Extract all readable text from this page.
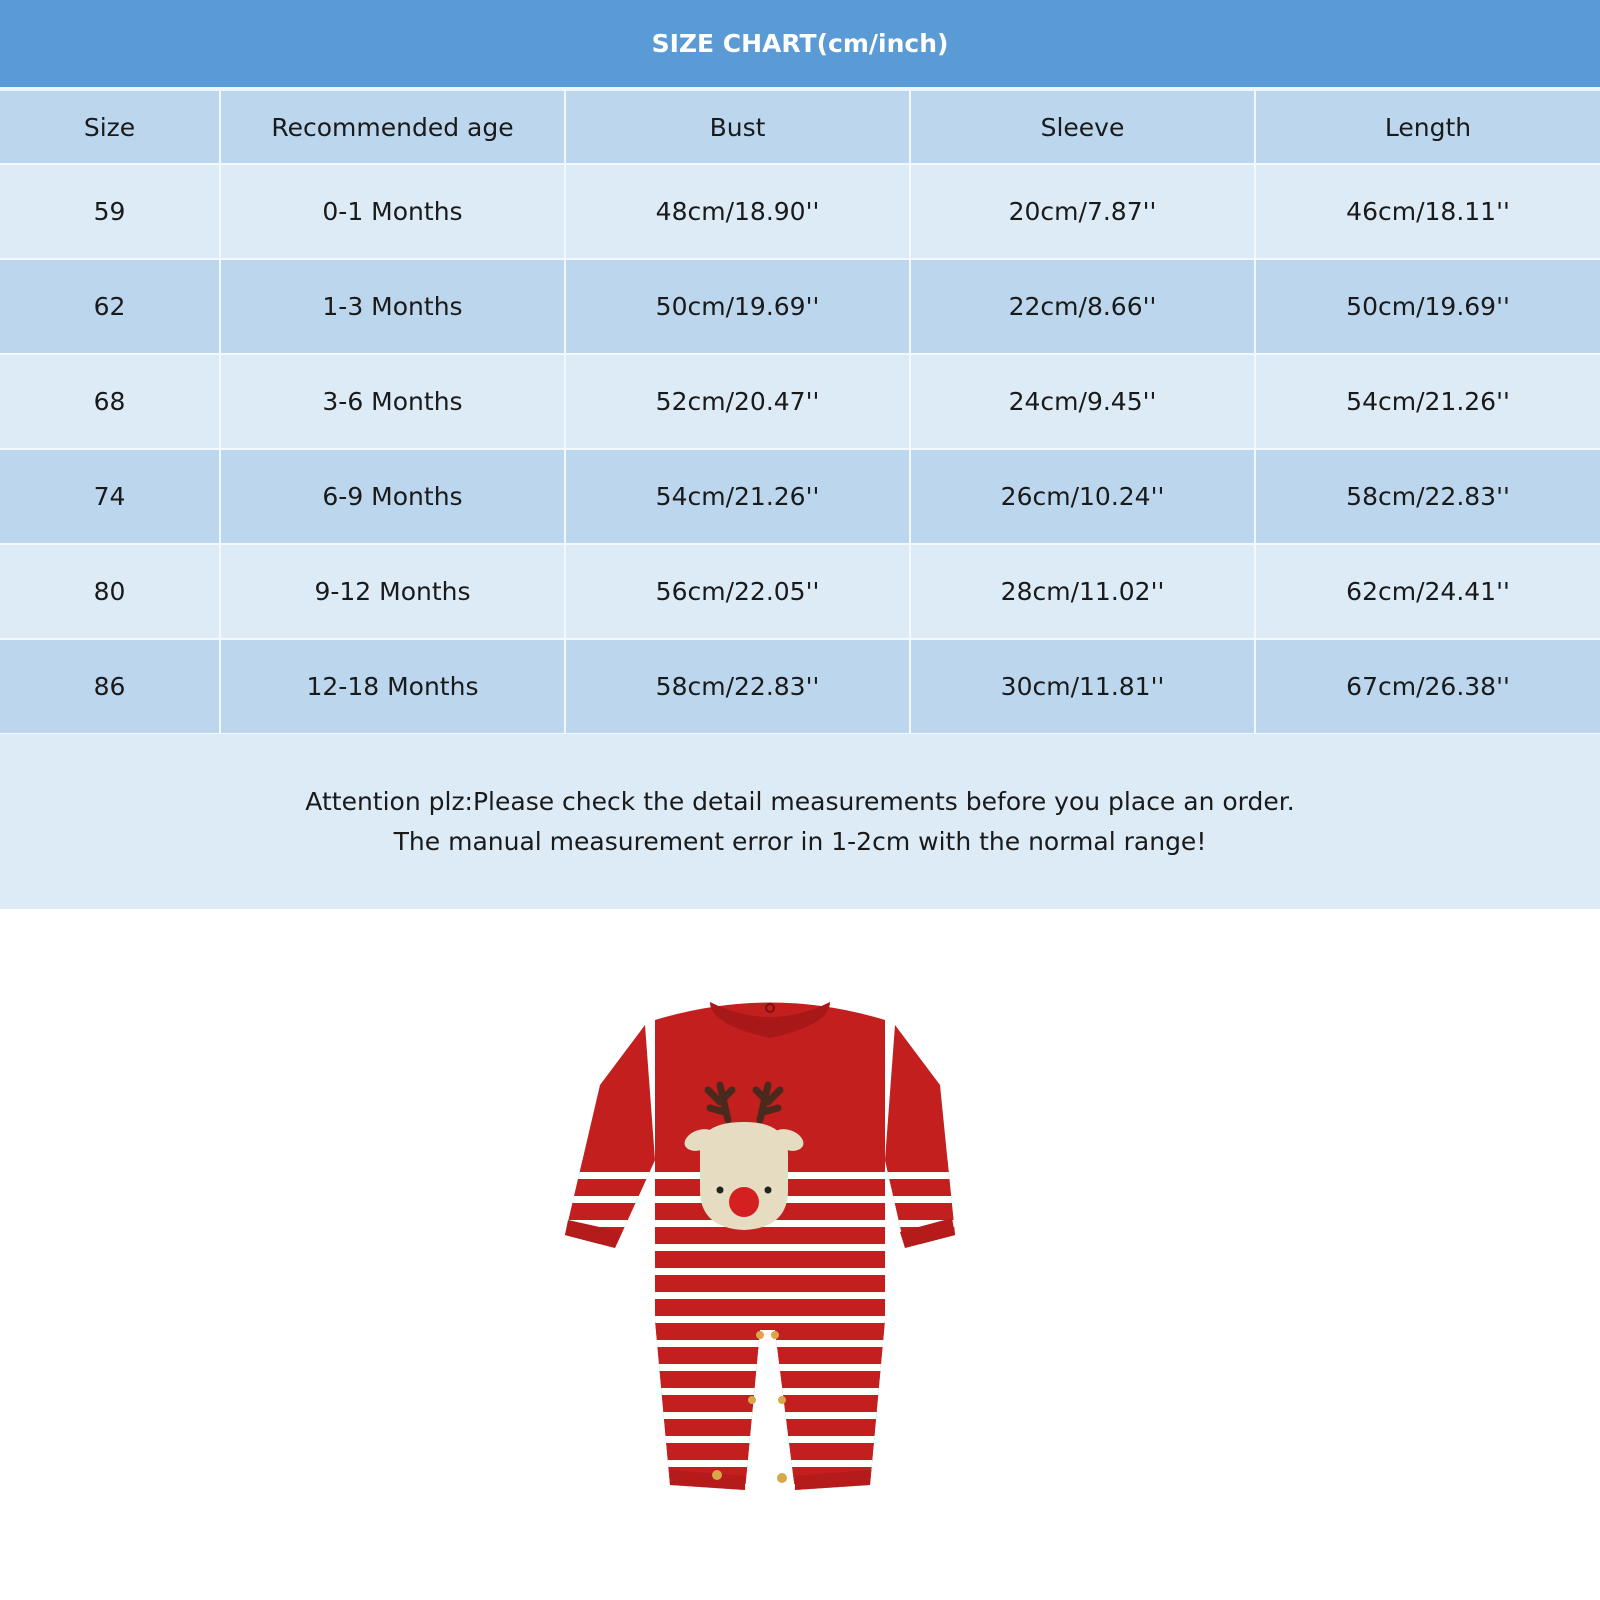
SIZE CHART(cm/inch)
Size	Recommended age	Bust	Sleeve	Length
59	0-1 Months	48cm/18.90''	20cm/7.87''	46cm/18.11''
62	1-3 Months	50cm/19.69''	22cm/8.66''	50cm/19.69''
68	3-6 Months	52cm/20.47''	24cm/9.45''	54cm/21.26''
74	6-9 Months	54cm/21.26''	26cm/10.24''	58cm/22.83''
80	9-12 Months	56cm/22.05''	28cm/11.02''	62cm/24.41''
86	12-18 Months	58cm/22.83''	30cm/11.81''	67cm/26.38''
Attention plz:Please check the detail measurements before you place an order.
The manual measurement error in 1-2cm with the normal range!
